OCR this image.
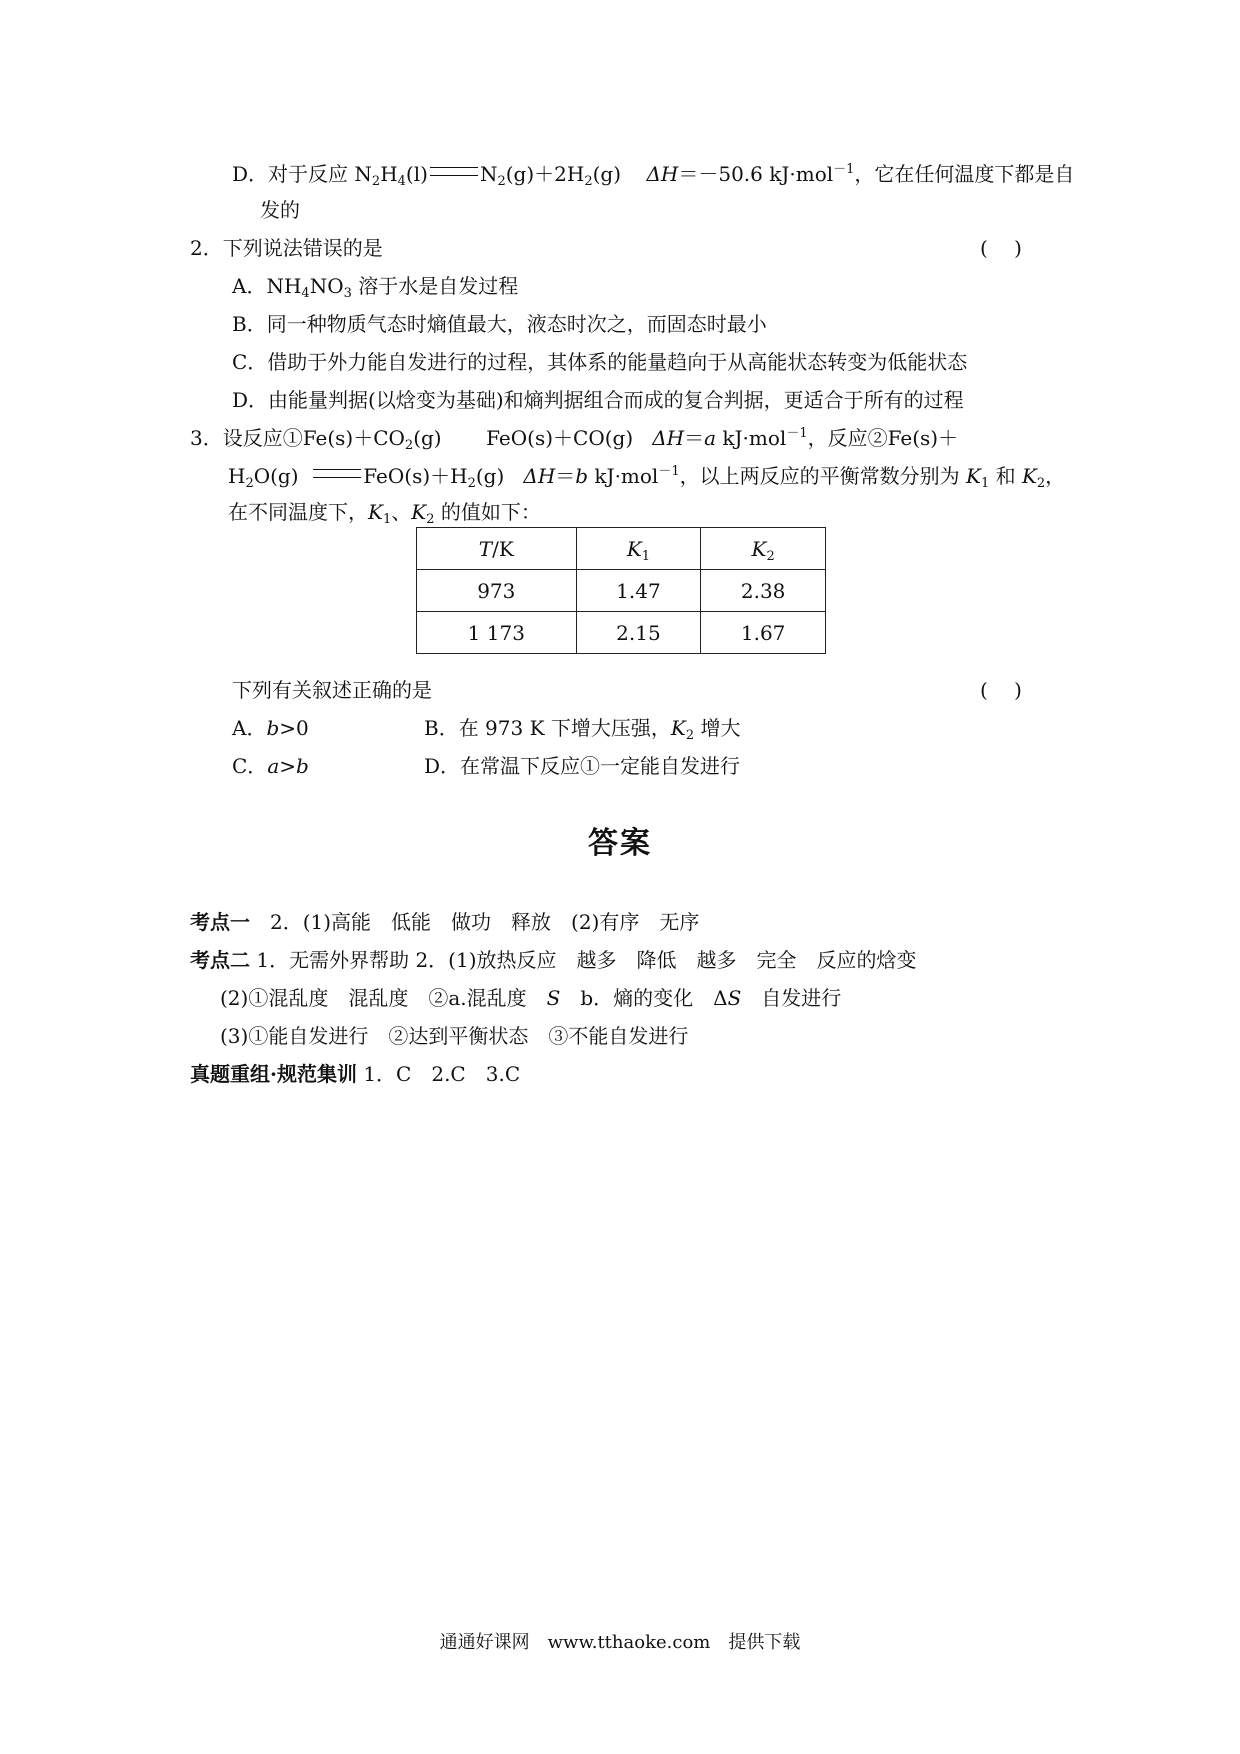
D．对于反应 $N_2H_4(l)$	$N_2(g)+2H_2(g)$ ΔH＝－50.6 kJ·mol$^{-1}$，它在任何温度下都是自
发的
2．下列说法错误的是	(　 )
A．$NH_4NO_3$ 溶于水是自发过程
B．同一种物质气态时熵值最大，液态时次之，而固态时最小
C．借助于外力能自发进行的过程，其体系的能量趋向于从高能状态转变为低能状态
D．由能量判据(以焓变为基础)和熵判据组合而成的复合判据，更适合于所有的过程
3．设反应$①Fe(s)+CO_2(g)$ FeO(s)＋CO(g) ΔH＝a kJ·mol$^{-1}$，反应②Fe(s)＋
$H_2O(g)$	$FeO(s)+H_2(g)$ ΔH＝b kJ·mol$^{-1}$，以上两反应的平衡常数分别为 $K_1$ 和 $K_2$，
在不同温度下，$K_1$、$K_2$ 的值如下：
T/K	$K_1$	$K_2$
973	1.47	2.38
1 173	2.15	1.67
下列有关叙述正确的是	(　 )
A．b>0	B．在 973 K 下增大压强，$K_2$ 增大
C．a>b	D．在常温下反应①一定能自发进行
答案
考点一　2．(1)高能　低能　做功　释放　(2)有序　无序
考点二 1．无需外界帮助 2．(1)放热反应　越多　降低　越多　完全　反应的焓变
(2)①混乱度　混乱度　②a.混乱度　S　b．熵的变化　ΔS　自发进行
(3)①能自发进行　②达到平衡状态　③不能自发进行
真题重组·规范集训 1．C　2.C　3.C
通通好课网　www.tthaoke.com　提供下载
